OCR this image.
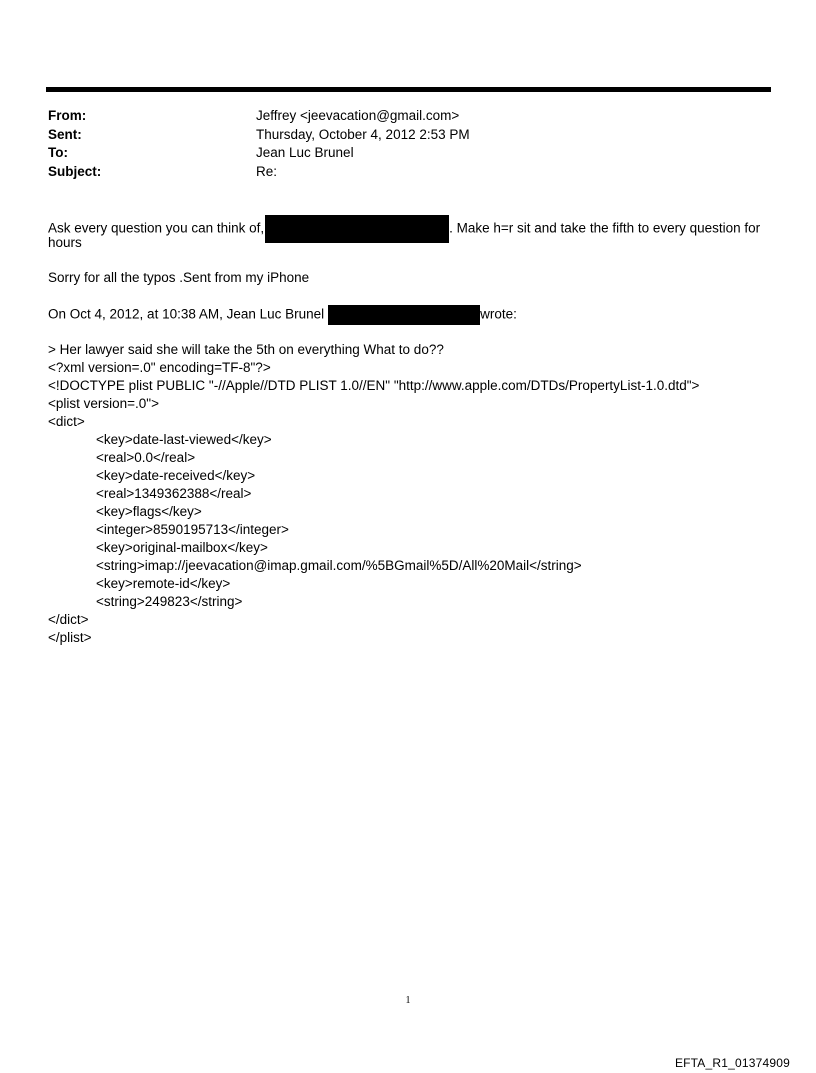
From:	Jeffrey <jeevacation@gmail.com>
Sent:	Thursday, October 4, 2012 2:53 PM
To:	Jean Luc Brunel
Subject:	Re:
Ask every question you can think of,	. Make h=r sit and take the fifth to every question for
hours
Sorry for all the typos .Sent from my iPhone
On Oct 4, 2012, at 10:38 AM, Jean Luc Brunel	wrote:
> Her lawyer said she will take the 5th on everything What to do??
<?xml version=.0" encoding=TF-8"?>
<!DOCTYPE plist PUBLIC "-//Apple//DTD PLIST 1.0//EN" "http://www.apple.com/DTDs/PropertyList-1.0.dtd">
<plist version=.0">
<dict>
<key>date-last-viewed</key>
<real>0.0</real>
<key>date-received</key>
<real>1349362388</real>
<key>flags</key>
<integer>8590195713</integer>
<key>original-mailbox</key>
<string>imap://jeevacation@imap.gmail.com/%5BGmail%5D/All%20Mail</string>
<key>remote-id</key>
<string>249823</string>
</dict>
</plist>
1
EFTA_R1_01374909
